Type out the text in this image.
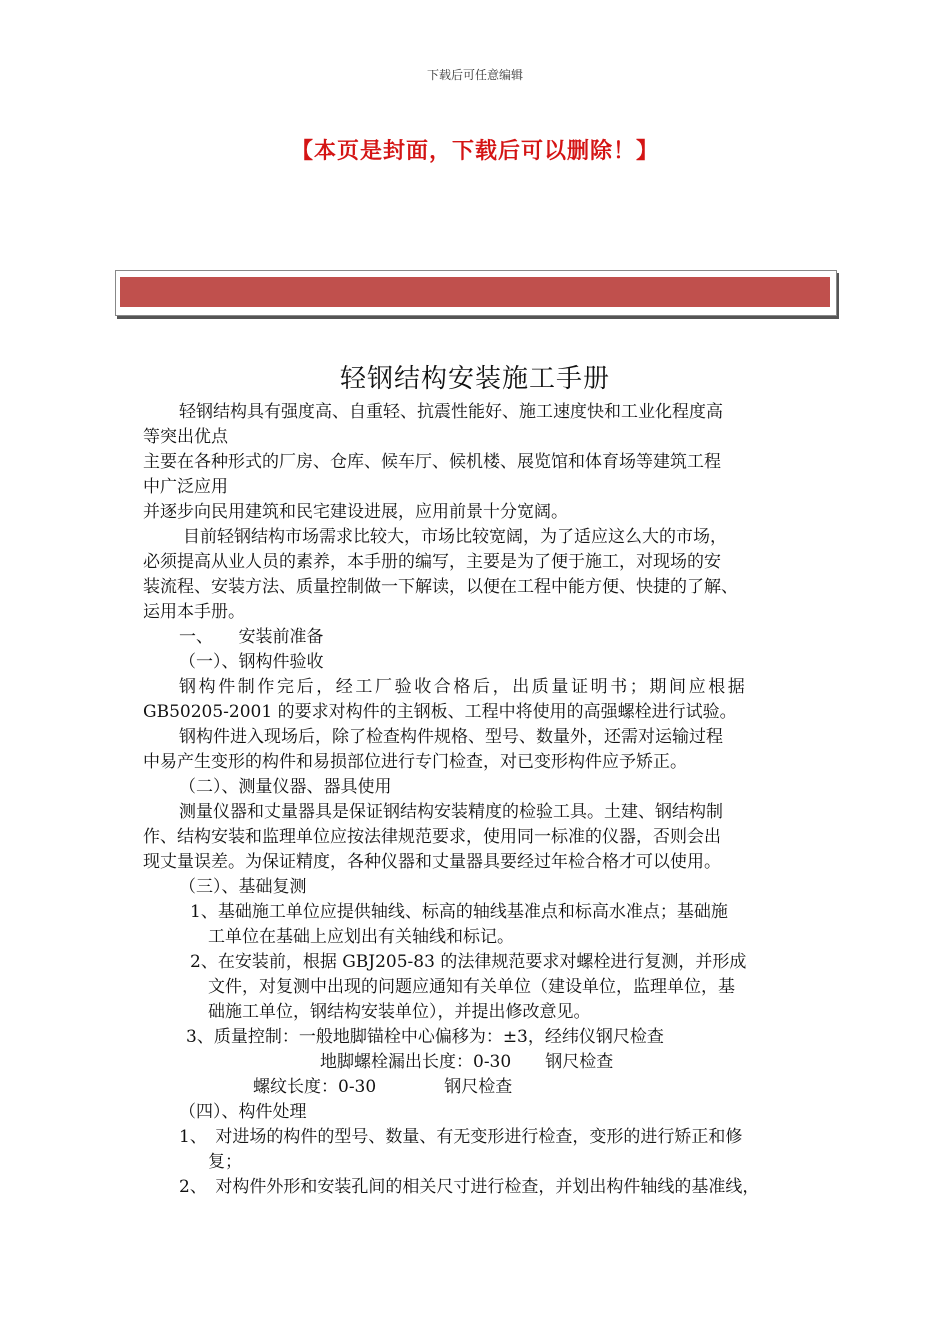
下载后可任意编辑
【本页是封面，下载后可以删除！】
轻钢结构安装施工手册
轻钢结构具有强度高、自重轻、抗震性能好、施工速度快和工业化程度高
等突出优点
主要在各种形式的厂房、仓库、候车厅、候机楼、展览馆和体育场等建筑工程
中广泛应用
并逐步向民用建筑和民宅建设进展，应用前景十分宽阔。
目前轻钢结构市场需求比较大，市场比较宽阔，为了适应这么大的市场，
必须提高从业人员的素养，本手册的编写，主要是为了便于施工，对现场的安
装流程、安装方法、质量控制做一下解读，以便在工程中能方便、快捷的了解、
运用本手册。
一、　　安装前准备
（一）、钢构件验收
钢构件制作完后，经工厂验收合格后，出质量证明书；期间应根据
GB50205-2001 的要求对构件的主钢板、工程中将使用的高强螺栓进行试验。
钢构件进入现场后，除了检查构件规格、型号、数量外，还需对运输过程
中易产生变形的构件和易损部位进行专门检查，对已变形构件应予矫正。
（二）、测量仪器、器具使用
测量仪器和丈量器具是保证钢结构安装精度的检验工具。土建、钢结构制
作、结构安装和监理单位应按法律规范要求，使用同一标准的仪器，否则会出
现丈量误差。为保证精度，各种仪器和丈量器具要经过年检合格才可以使用。
（三）、基础复测
1、基础施工单位应提供轴线、标高的轴线基准点和标高水准点；基础施
工单位在基础上应划出有关轴线和标记。
2、在安装前，根据 GBJ205-83 的法律规范要求对螺栓进行复测，并形成
文件，对复测中出现的问题应通知有关单位（建设单位，监理单位，基
础施工单位，钢结构安装单位），并提出修改意见。
3、质量控制：一般地脚锚栓中心偏移为：±3，经纬仪钢尺检查
地脚螺栓漏出长度：0-30　　钢尺检查
螺纹长度：0-30　　　　钢尺检查
（四）、构件处理
1、　对进场的构件的型号、数量、有无变形进行检查，变形的进行矫正和修
复；
2、　对构件外形和安装孔间的相关尺寸进行检查，并划出构件轴线的基准线，
